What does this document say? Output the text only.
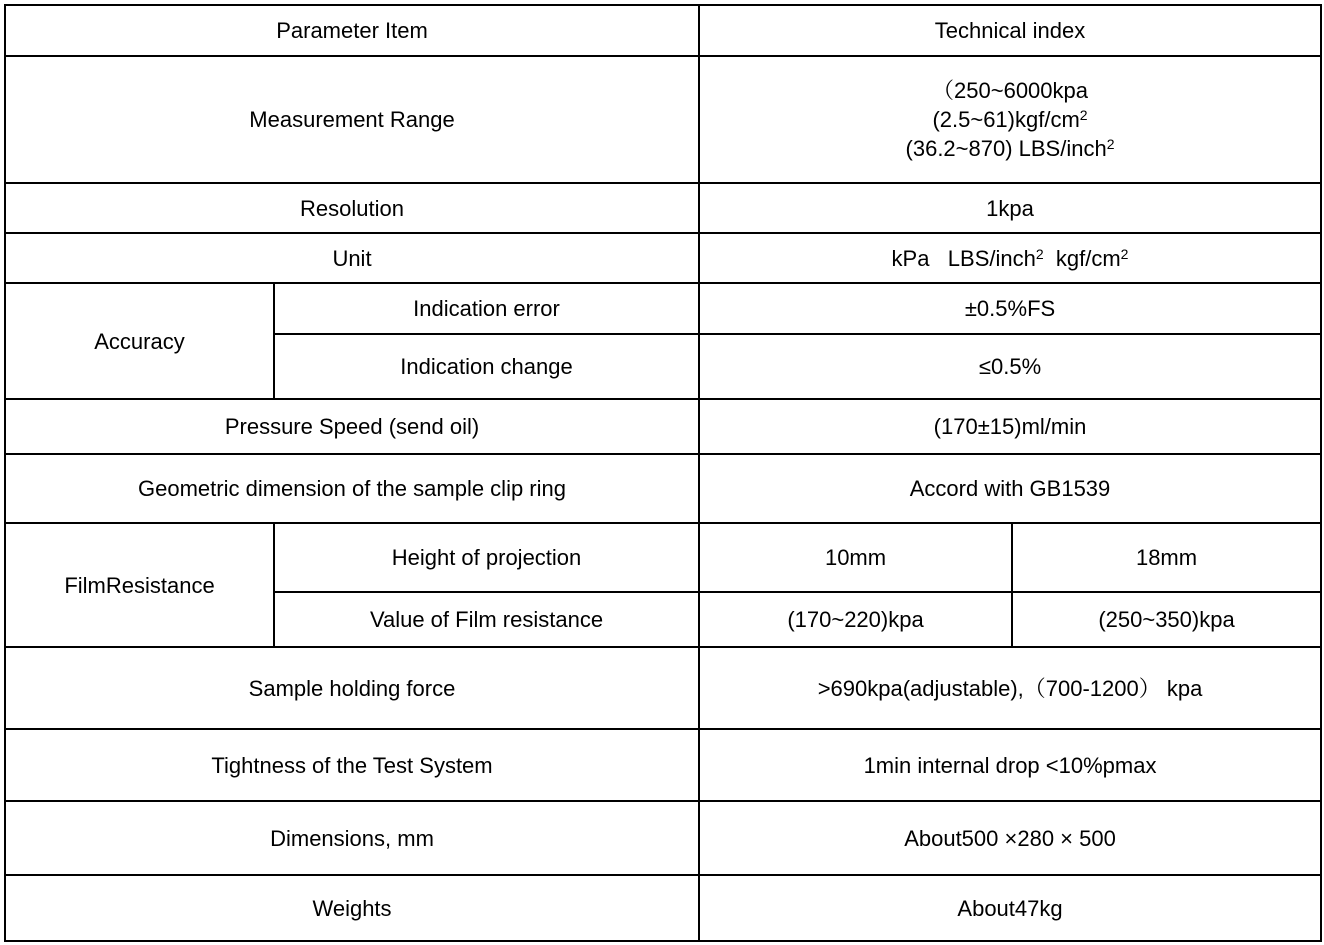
Parameter Item		Technical index	
Measurement Range		（250~6000kpa
$(2.5\sim 61)kgf/cm^2$
(36.2~870) LBS/inch$^2$

Resolution		1kpa	
Unit		kPa   LBS/inch$^2$  kgf/$cm^2$
Accuracy	Indication error	±0.5%FS	
	Indication change	≤0.5%	
Pressure Speed (send oil)		(170±15)ml/min	
Geometric dimension of the sample clip ring		Accord with GB1539	
FilmResistance	Height of projection	10mm	18mm
	Value of Film resistance	(170~220)kpa	(250~350)kpa
Sample holding force		>690kpa(adjustable),（700-1200） kpa	
Tightness of the Test System		1min internal drop <10%pmax	
Dimensions, mm		About500 ×280 × 500	
Weights		About47kg	
